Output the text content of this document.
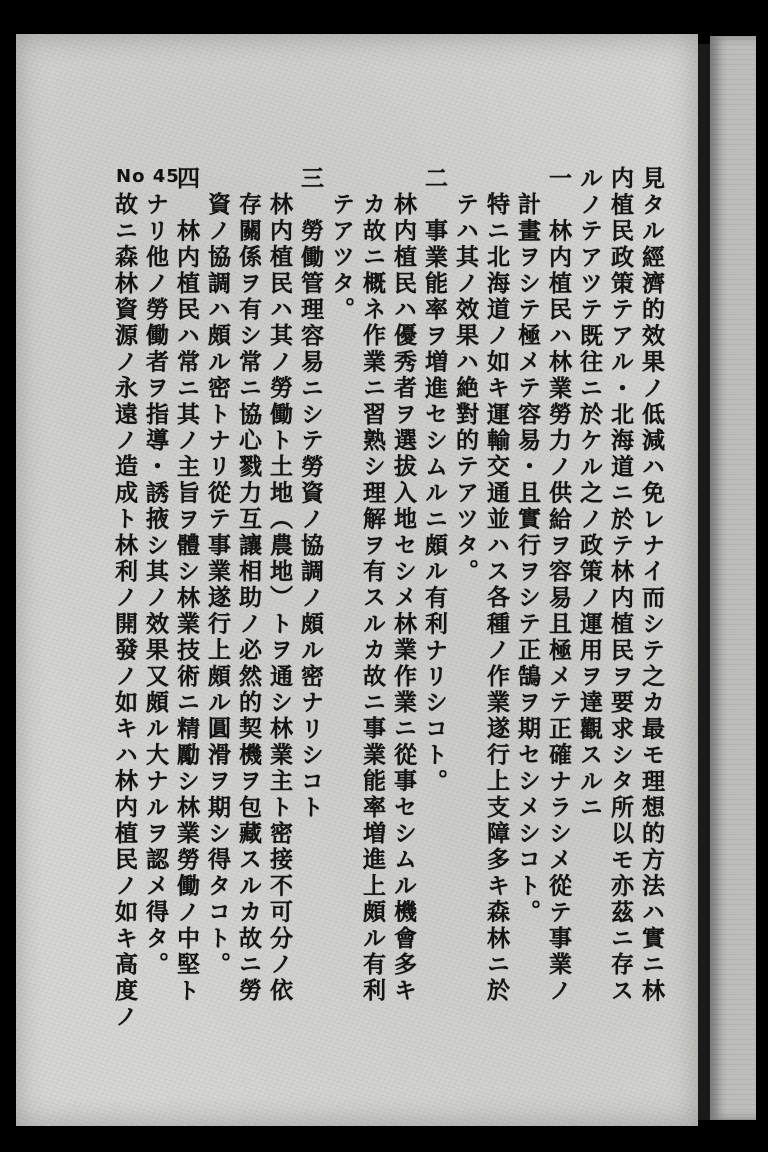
No 45	見タル經濟的效果ノ低減ハ免レナイ而シテ之カ最モ理想的方法ハ實ニ林
内植民政策テアル・北海道ニ於テ林内植民ヲ要求シタ所以モ亦茲ニ存ス
ルノテアツテ既往ニ於ケル之ノ政策ノ運用ヲ達觀スルニ
一　林内植民ハ林業勞力ノ供給ヲ容易且極メテ正確ナラシメ從テ事業ノ
計畫ヲシテ極メテ容易・且實行ヲシテ正鵠ヲ期セシメシコト。
特ニ北海道ノ如キ運輸交通並ハス各種ノ作業遂行上支障多キ森林ニ於
テハ其ノ效果ハ絶對的テアツタ。
二　事業能率ヲ増進セシムルニ頗ル有利ナリシコト。
林内植民ハ優秀者ヲ選拔入地セシメ林業作業ニ從事セシムル機會多キ
カ故ニ概ネ作業ニ習熟シ理解ヲ有スルカ故ニ事業能率増進上頗ル有利
テアツタ。
三　勞働管理容易ニシテ勞資ノ協調ノ頗ル密ナリシコト
林内植民ハ其ノ勞働ト土地（農地）トヲ通シ林業主ト密接不可分ノ依
存關係ヲ有シ常ニ協心戮力互讓相助ノ必然的契機ヲ包藏スルカ故ニ勞
資ノ協調ハ頗ル密トナリ從テ事業遂行上頗ル圓滑ヲ期シ得タコト。
四　林内植民ハ常ニ其ノ主旨ヲ體シ林業技術ニ精勵シ林業勞働ノ中堅ト
ナリ他ノ勞働者ヲ指導・誘掖シ其ノ效果又頗ル大ナルヲ認メ得タ。
故ニ森林資源ノ永遠ノ造成ト林利ノ開發ノ如キハ林内植民ノ如キ高度ノ
